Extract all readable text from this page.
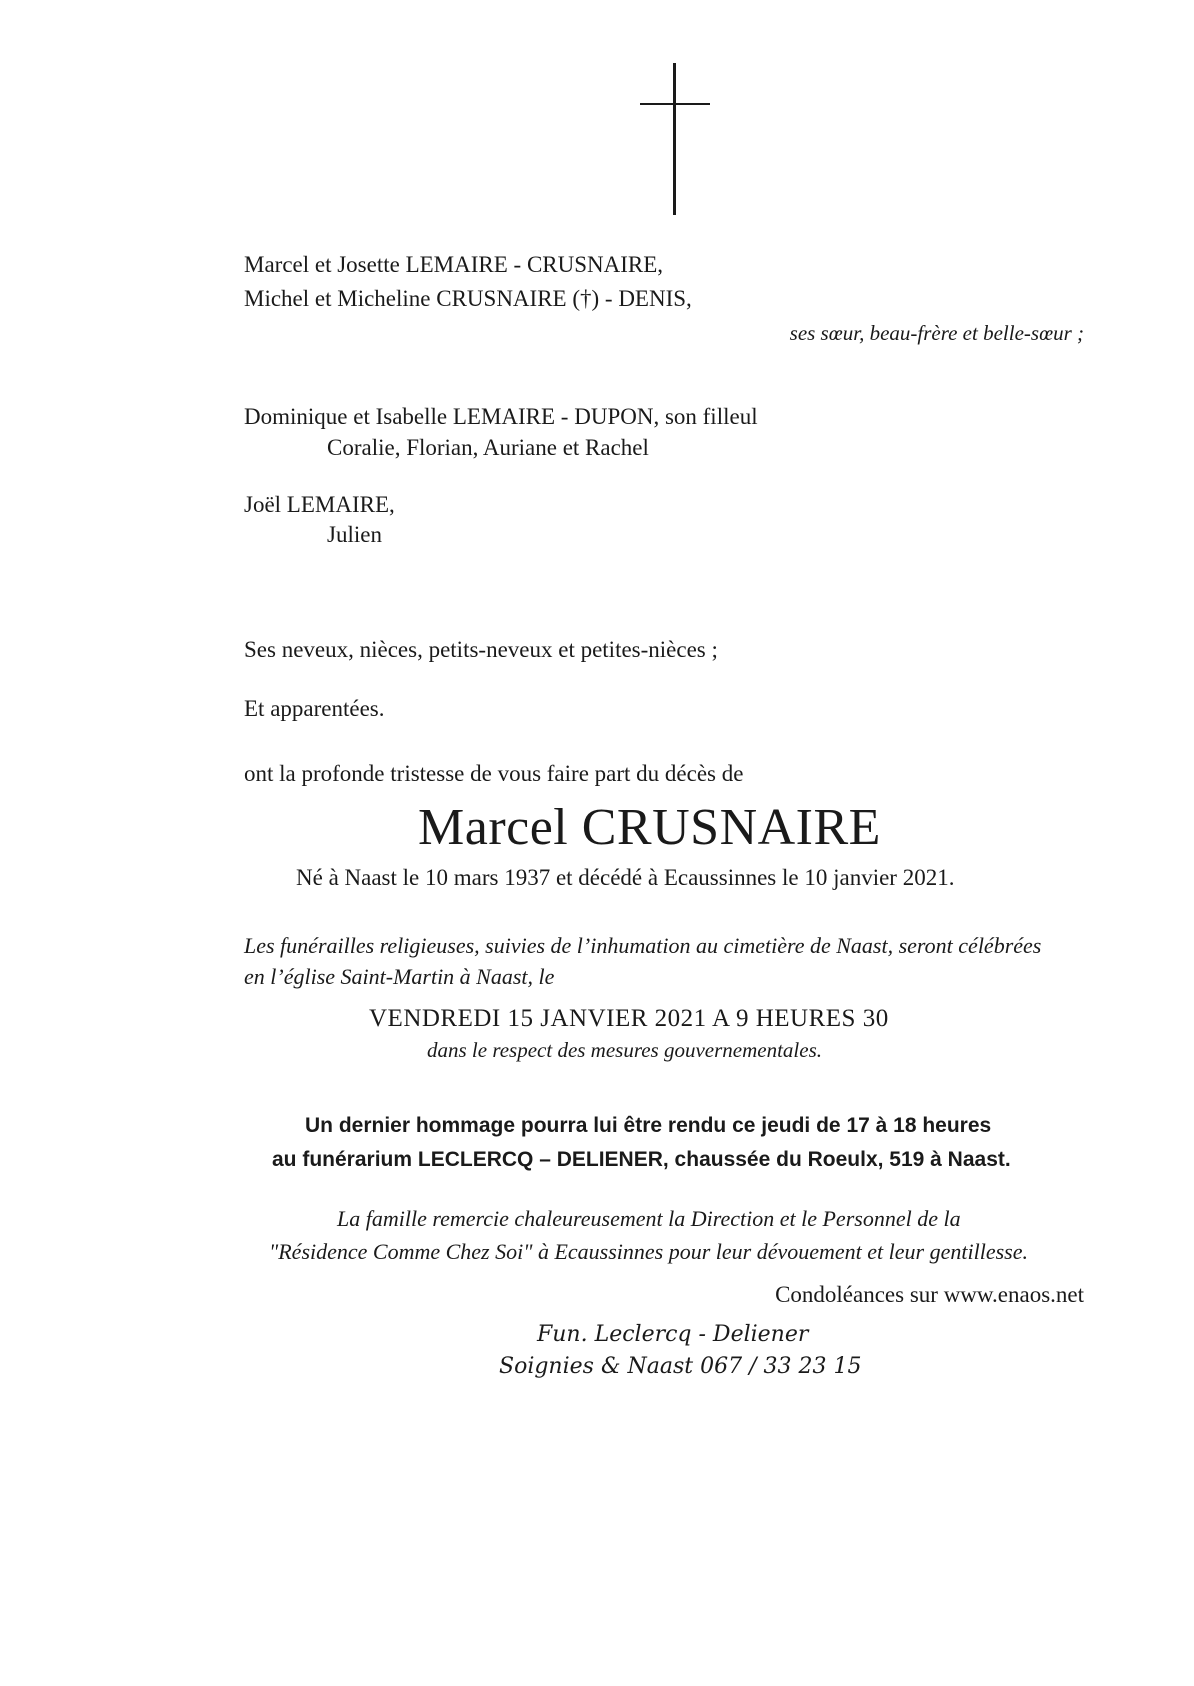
Marcel et Josette LEMAIRE - CRUSNAIRE,
Michel et Micheline CRUSNAIRE (†) - DENIS,
ses sœur, beau-frère et belle-sœur ;
Dominique et Isabelle LEMAIRE - DUPON, son filleul
Coralie, Florian, Auriane et Rachel
Joël LEMAIRE,
Julien
Ses neveux, nièces, petits-neveux et petites-nièces ;
Et apparentées.
ont la profonde tristesse de vous faire part du décès de
Marcel CRUSNAIRE
Né à Naast le 10 mars 1937 et décédé à Ecaussinnes le 10 janvier 2021.
Les funérailles religieuses, suivies de l’inhumation au cimetière de Naast, seront célébrées
en l’église Saint-Martin à Naast, le
VENDREDI 15 JANVIER 2021 A 9 HEURES 30
dans le respect des mesures gouvernementales.
Un dernier hommage pourra lui être rendu ce jeudi de 17 à 18 heures
au funérarium LECLERCQ – DELIENER, chaussée du Roeulx, 519 à Naast.
La famille remercie chaleureusement la Direction et le Personnel de la
"Résidence Comme Chez Soi" à Ecaussinnes pour leur dévouement et leur gentillesse.
Condoléances sur www.enaos.net
Fun. Leclercq - Deliener
Soignies & Naast 067 / 33 23 15
